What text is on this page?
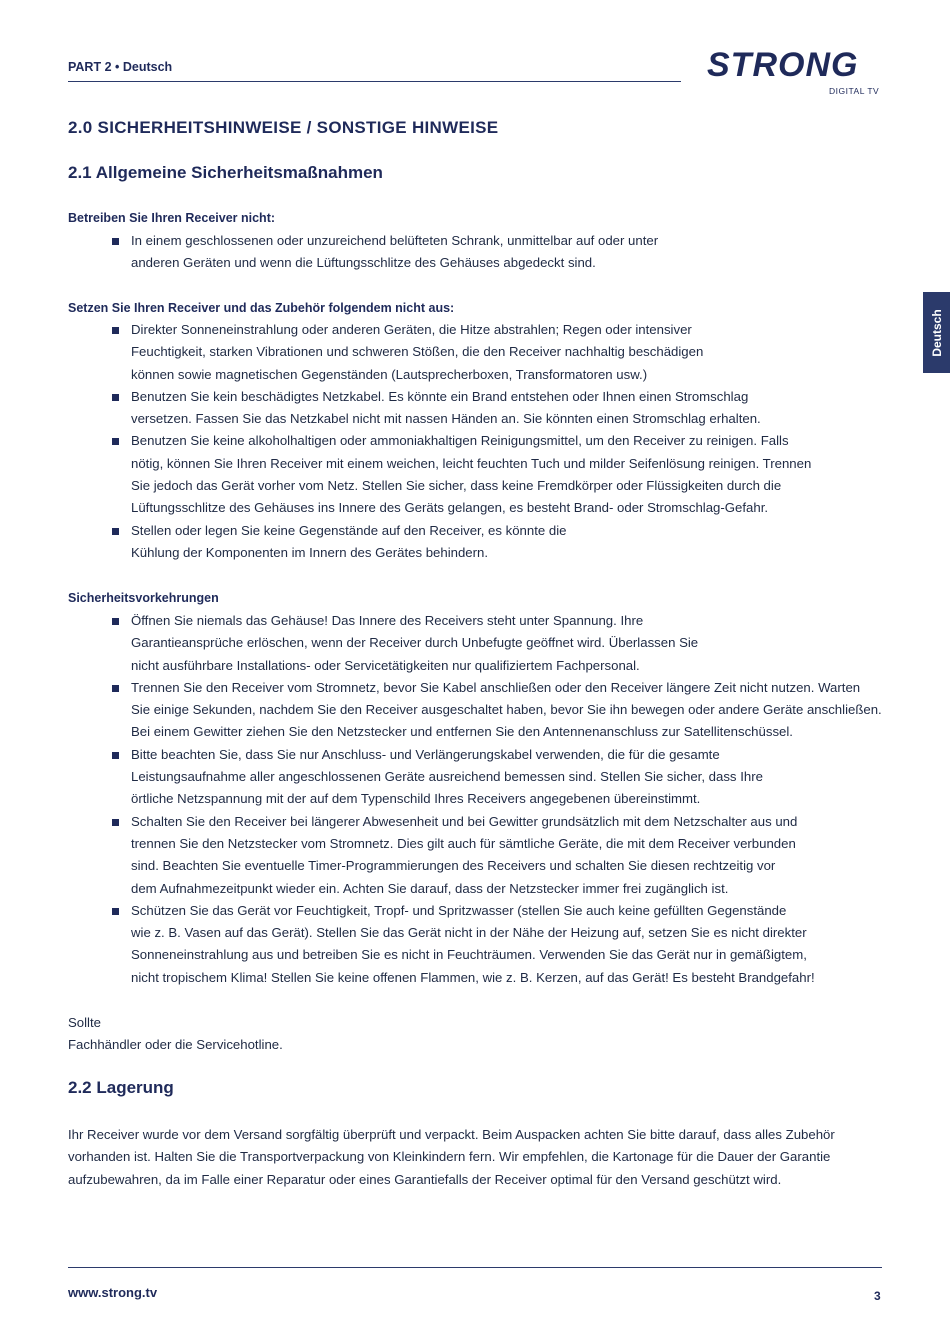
PART 2 • Deutsch	STRONG
DIGITAL TV
Deutsch
2.0 SICHERHEITSHINWEISE / SONSTIGE HINWEISE
2.1 Allgemeine Sicherheitsmaßnahmen
Betreiben Sie Ihren Receiver nicht:
In einem geschlossenen oder unzureichend belüfteten Schrank, unmittelbar auf oder unter
anderen Geräten und wenn die Lüftungsschlitze des Gehäuses abgedeckt sind.
Setzen Sie Ihren Receiver und das Zubehör folgendem nicht aus:
Direkter Sonneneinstrahlung oder anderen Geräten, die Hitze abstrahlen; Regen oder intensiver
Feuchtigkeit, starken Vibrationen und schweren Stößen, die den Receiver nachhaltig beschädigen
können sowie magnetischen Gegenständen (Lautsprecherboxen, Transformatoren usw.)
Benutzen Sie kein beschädigtes Netzkabel. Es könnte ein Brand entstehen oder Ihnen einen Stromschlag
versetzen. Fassen Sie das Netzkabel nicht mit nassen Händen an. Sie könnten einen Stromschlag erhalten.
Benutzen Sie keine alkoholhaltigen oder ammoniakhaltigen Reinigungsmittel, um den Receiver zu reinigen. Falls
nötig, können Sie Ihren Receiver mit einem weichen, leicht feuchten Tuch und milder Seifenlösung reinigen. Trennen
Sie jedoch das Gerät vorher vom Netz. Stellen Sie sicher, dass keine Fremdkörper oder Flüssigkeiten durch die
Lüftungsschlitze des Gehäuses ins Innere des Geräts gelangen, es besteht Brand- oder Stromschlag-Gefahr.
Stellen oder legen Sie keine Gegenstände auf den Receiver, es könnte die
Kühlung der Komponenten im Innern des Gerätes behindern.
Sicherheitsvorkehrungen
Öffnen Sie niemals das Gehäuse! Das Innere des Receivers steht unter Spannung. Ihre
Garantieansprüche erlöschen, wenn der Receiver durch Unbefugte geöffnet wird. Überlassen Sie
nicht ausführbare Installations- oder Servicetätigkeiten nur qualifiziertem Fachpersonal.
Trennen Sie den Receiver vom Stromnetz, bevor Sie Kabel anschließen oder den Receiver längere Zeit nicht nutzen. Warten
Sie einige Sekunden, nachdem Sie den Receiver ausgeschaltet haben, bevor Sie ihn bewegen oder andere Geräte anschließen.
Bei einem Gewitter ziehen Sie den Netzstecker und entfernen Sie den Antennenanschluss zur Satellitenschüssel.
Bitte beachten Sie, dass Sie nur Anschluss- und Verlängerungskabel verwenden, die für die gesamte
Leistungsaufnahme aller angeschlossenen Geräte ausreichend bemessen sind. Stellen Sie sicher, dass Ihre
örtliche Netzspannung mit der auf dem Typenschild Ihres Receivers angegebenen übereinstimmt.
Schalten Sie den Receiver bei längerer Abwesenheit und bei Gewitter grundsätzlich mit dem Netzschalter aus und
trennen Sie den Netzstecker vom Stromnetz. Dies gilt auch für sämtliche Geräte, die mit dem Receiver verbunden
sind. Beachten Sie eventuelle Timer-Programmierungen des Receivers und schalten Sie diesen rechtzeitig vor
dem Aufnahmezeitpunkt wieder ein. Achten Sie darauf, dass der Netzstecker immer frei zugänglich ist.
Schützen Sie das Gerät vor Feuchtigkeit, Tropf- und Spritzwasser (stellen Sie auch keine gefüllten Gegenstände
wie z. B. Vasen auf das Gerät). Stellen Sie das Gerät nicht in der Nähe der Heizung auf, setzen Sie es nicht direkter
Sonneneinstrahlung aus und betreiben Sie es nicht in Feuchträumen. Verwenden Sie das Gerät nur in gemäßigtem,
nicht tropischem Klima! Stellen Sie keine offenen Flammen, wie z. B. Kerzen, auf das Gerät! Es besteht Brandgefahr!

Sollte
Fachhändler oder die Servicehotline.

2.2 Lagerung

Ihr Receiver wurde vor dem Versand sorgfältig überprüft und verpackt. Beim Auspacken achten Sie bitte darauf, dass alles Zubehör
vorhanden ist. Halten Sie die Transportverpackung von Kleinkindern fern. Wir empfehlen, die Kartonage für die Dauer der Garantie
aufzubewahren, da im Falle einer Reparatur oder eines Garantiefalls der Receiver optimal für den Versand geschützt wird.

www.strong.tv	3
